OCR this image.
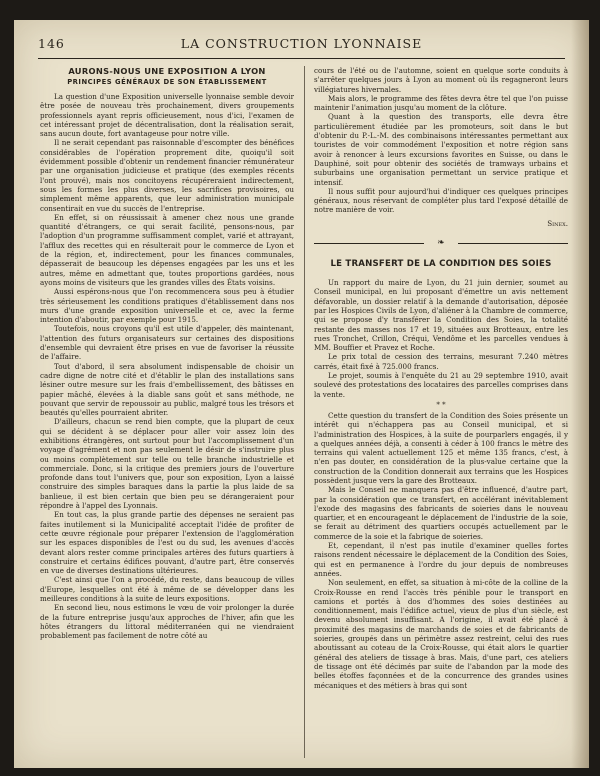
146	LA CONSTRUCTION LYONNAISE
AURONS-NOUS UNE EXPOSITION A LYON
PRINCIPES GÉNÉRAUX DE SON ÉTABLISSEMENT

La question d'une Exposition universelle lyonnaise semble devoir être posée de nouveau très prochainement, divers groupements professionnels ayant repris officieusement, nous d'ici, l'examen de cet intéressant projet de décentralisation, dont la réalisation serait, sans aucun doute, fort avantageuse pour notre ville.

Il ne serait cependant pas raisonnable d'escompter des bénéfices considérables de l'opération proprement dite, quoiqu'il soit évidemment possible d'obtenir un rendement financier rémunérateur par une organisation judicieuse et pratique (des exemples récents l'ont prouvé), mais nos concitoyens récupéreraient indirectement, sous les formes les plus diverses, les sacrifices provisoires, ou simplement même apparents, que leur administration municipale consentirait en vue du succès de l'entreprise.

En effet, si on réussissait à amener chez nous une grande quantité d'étrangers, ce qui serait facilité, pensons-nous, par l'adoption d'un programme suffisamment complet, varié et attrayant, l'afflux des recettes qui en résulterait pour le commerce de Lyon et de la région, et, indirectement, pour les finances communales, dépasserait de beaucoup les dépenses engagées par les uns et les autres, même en admettant que, toutes proportions gardées, nous ayons moins de visiteurs que les grandes villes des États voisins.

Aussi espérons-nous que l'on recommencera sous peu à étudier très sérieusement les conditions pratiques d'établissement dans nos murs d'une grande exposition universelle et ce, avec la ferme intention d'aboutir, par exemple pour 1915.

Toutefois, nous croyons qu'il est utile d'appeler, dès maintenant, l'attention des futurs organisateurs sur certaines des dispositions d'ensemble qui devraient être prises en vue de favoriser la réussite de l'affaire.

Tout d'abord, il sera absolument indispensable de choisir un cadre digne de notre cité et d'établir le plan des installations sans lésiner outre mesure sur les frais d'embellissement, des bâtisses en papier mâché, élevées à la diable sans goût et sans méthode, ne pouvant que servir de repoussoir au public, malgré tous les trésors et beautés qu'elles pourraient abriter.

D'ailleurs, chacun se rend bien compte, que la plupart de ceux qui se décident à se déplacer pour aller voir assez loin des exhibitions étrangères, ont surtout pour but l'accomplissement d'un voyage d'agrément et non pas seulement le désir de s'instruire plus ou moins complètement sur telle ou telle branche industrielle et commerciale. Donc, si la critique des premiers jours de l'ouverture profonde dans tout l'univers que, pour son exposition, Lyon a laissé construire des simples baraques dans la partie la plus laide de sa banlieue, il est bien certain que bien peu se dérangeraient pour répondre à l'appel des Lyonnais.

En tout cas, la plus grande partie des dépenses ne seraient pas faites inutilement si la Municipalité acceptait l'idée de profiter de cette œuvre régionale pour préparer l'extension de l'agglomération sur les espaces disponibles de l'est ou du sud, les avenues d'accès devant alors rester comme principales artères des futurs quartiers à construire et certains édifices pouvant, d'autre part, être conservés en vue de diverses destinations ultérieures.

C'est ainsi que l'on a procédé, du reste, dans beaucoup de villes d'Europe, lesquelles ont été à même de se développer dans les meilleures conditions à la suite de leurs expositions.

En second lieu, nous estimons le vœu de voir prolonger la durée de la future entreprise jusqu'aux approches de l'hiver, afin que les hôtes étrangers du littoral méditerranéen qui ne viendraient probablement pas facilement de notre côté au

cours de l'été ou de l'automne, soient en quelque sorte conduits à s'arrêter quelques jours à Lyon au moment où ils regagneront leurs villégiatures hivernales.

Mais alors, le programme des fêtes devra être tel que l'on puisse maintenir l'animation jusqu'au moment de la clôture.

Quant à la question des transports, elle devra être particulièrement étudiée par les promoteurs, soit dans le but d'obtenir du P.-L.-M. des combinaisons intéressantes permettant aux touristes de voir commodément l'exposition et notre région sans avoir à renoncer à leurs excursions favorites en Suisse, ou dans le Dauphiné, soit pour obtenir des sociétés de tramways urbains et suburbains une organisation permettant un service pratique et intensif.

Il nous suffit pour aujourd'hui d'indiquer ces quelques principes généraux, nous réservant de compléter plus tard l'exposé détaillé de notre manière de voir.

Sinex.
❧
LE TRANSFERT DE LA CONDITION DES SOIES

Un rapport du maire de Lyon, du 21 juin dernier, soumet au Conseil municipal, en lui proposant d'émettre un avis nettement défavorable, un dossier relatif à la demande d'autorisation, déposée par les Hospices Civils de Lyon, d'aliéner à la Chambre de commerce, qui se propose d'y transférer la Condition des Soies, la totalité restante des masses nos 17 et 19, situées aux Brotteaux, entre les rues Tronchet, Crillon, Créqui, Vendôme et les parcelles vendues à MM. Bouffier et Pravez et Roche.

Le prix total de cession des terrains, mesurant 7.240 mètres carrés, était fixé à 725.000 francs.

Le projet, soumis à l'enquête du 21 au 29 septembre 1910, avait soulevé des protestations des locataires des parcelles comprises dans la vente.

* *

Cette question du transfert de la Condition des Soies présente un intérêt qui n'échappera pas au Conseil municipal, et si l'administration des Hospices, à la suite de pourparlers engagés, il y a quelques années déjà, a consenti à céder à 100 francs le mètre des terrains qui valent actuellement 125 et même 135 francs, c'est, à n'en pas douter, en considération de la plus-value certaine que la construction de la Condition donnerait aux terrains que les Hospices possèdent jusque vers la gare des Brotteaux.

Mais le Conseil ne manquera pas d'être influencé, d'autre part, par la considération que ce transfert, en accélérant inévitablement l'exode des magasins des fabricants de soieries dans le nouveau quartier, et en encourageant le déplacement de l'industrie de la soie, se ferait au détriment des quartiers occupés actuellement par le commerce de la soie et la fabrique de soieries.

Et, cependant, il n'est pas inutile d'examiner quelles fortes raisons rendent nécessaire le déplacement de la Condition des Soies, qui est en permanence à l'ordre du jour depuis de nombreuses années.

Non seulement, en effet, sa situation à mi-côte de la colline de la Croix-Rousse en rend l'accès très pénible pour le transport en camions et portés à dos d'hommes des soies destinées au conditionnement, mais l'édifice actuel, vieux de plus d'un siècle, est devenu absolument insuffisant. A l'origine, il avait été placé à proximité des magasins de marchands de soies et de fabricants de soieries, groupés dans un périmètre assez restreint, celui des rues aboutissant au coteau de la Croix-Rousse, qui était alors le quartier général des ateliers de tissage à bras. Mais, d'une part, ces ateliers de tissage ont été décimés par suite de l'abandon par la mode des belles étoffes façonnées et de la concurrence des grandes usines mécaniques et des métiers à bras qui sont
